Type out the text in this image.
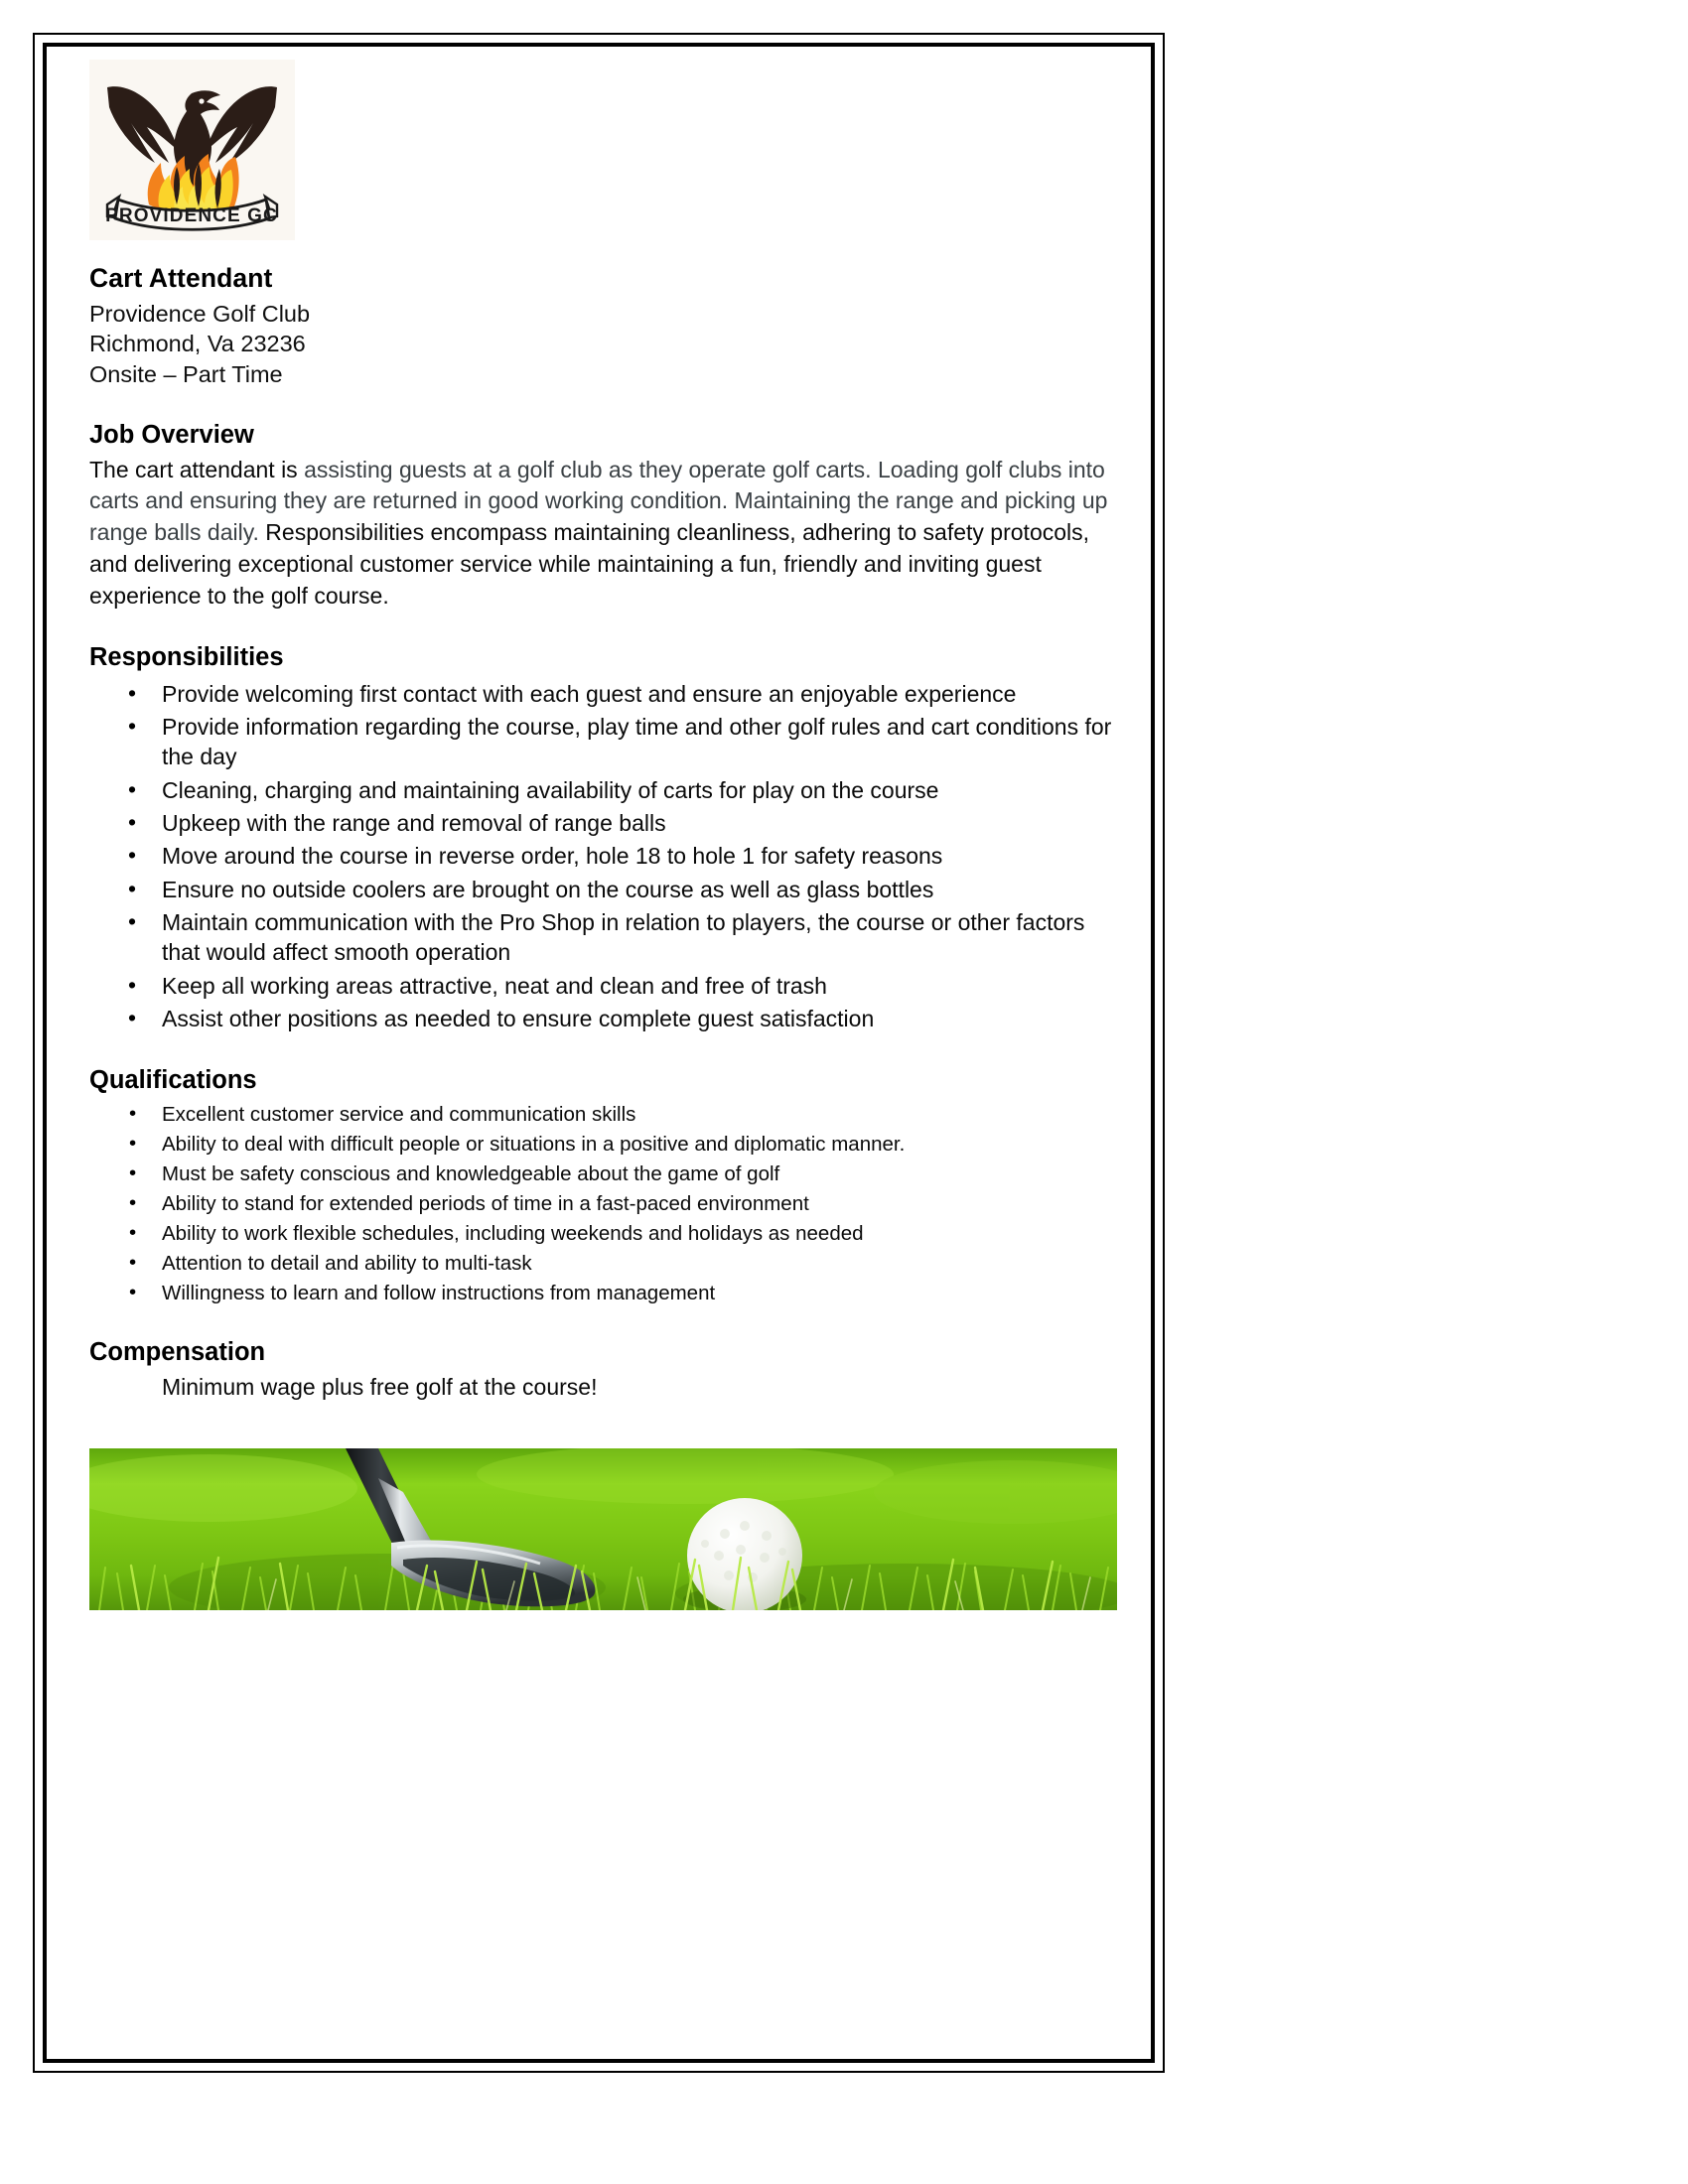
PROVIDENCE GC
Cart Attendant

Providence Golf Club

Richmond, Va 23236

Onsite – Part Time

Job Overview

The cart attendant is assisting guests at a golf club as they operate golf carts. Loading golf clubs into carts and ensuring they are returned in good working condition. Maintaining the range and picking up range balls daily. Responsibilities encompass maintaining cleanliness, adhering to safety protocols, and delivering exceptional customer service while maintaining a fun, friendly and inviting guest experience to the golf course.

Responsibilities
• Provide welcoming first contact with each guest and ensure an enjoyable experience
• Provide information regarding the course, play time and other golf rules and cart conditions for the day
• Cleaning, charging and maintaining availability of carts for play on the course
• Upkeep with the range and removal of range balls
• Move around the course in reverse order, hole 18 to hole 1 for safety reasons
• Ensure no outside coolers are brought on the course as well as glass bottles
• Maintain communication with the Pro Shop in relation to players, the course or other factors that would affect smooth operation
• Keep all working areas attractive, neat and clean and free of trash
• Assist other positions as needed to ensure complete guest satisfaction
Qualifications
• Excellent customer service and communication skills
• Ability to deal with difficult people or situations in a positive and diplomatic manner.
• Must be safety conscious and knowledgeable about the game of golf
• Ability to stand for extended periods of time in a fast-paced environment
• Ability to work flexible schedules, including weekends and holidays as needed
• Attention to detail and ability to multi-task
• Willingness to learn and follow instructions from management
Compensation

Minimum wage plus free golf at the course!
